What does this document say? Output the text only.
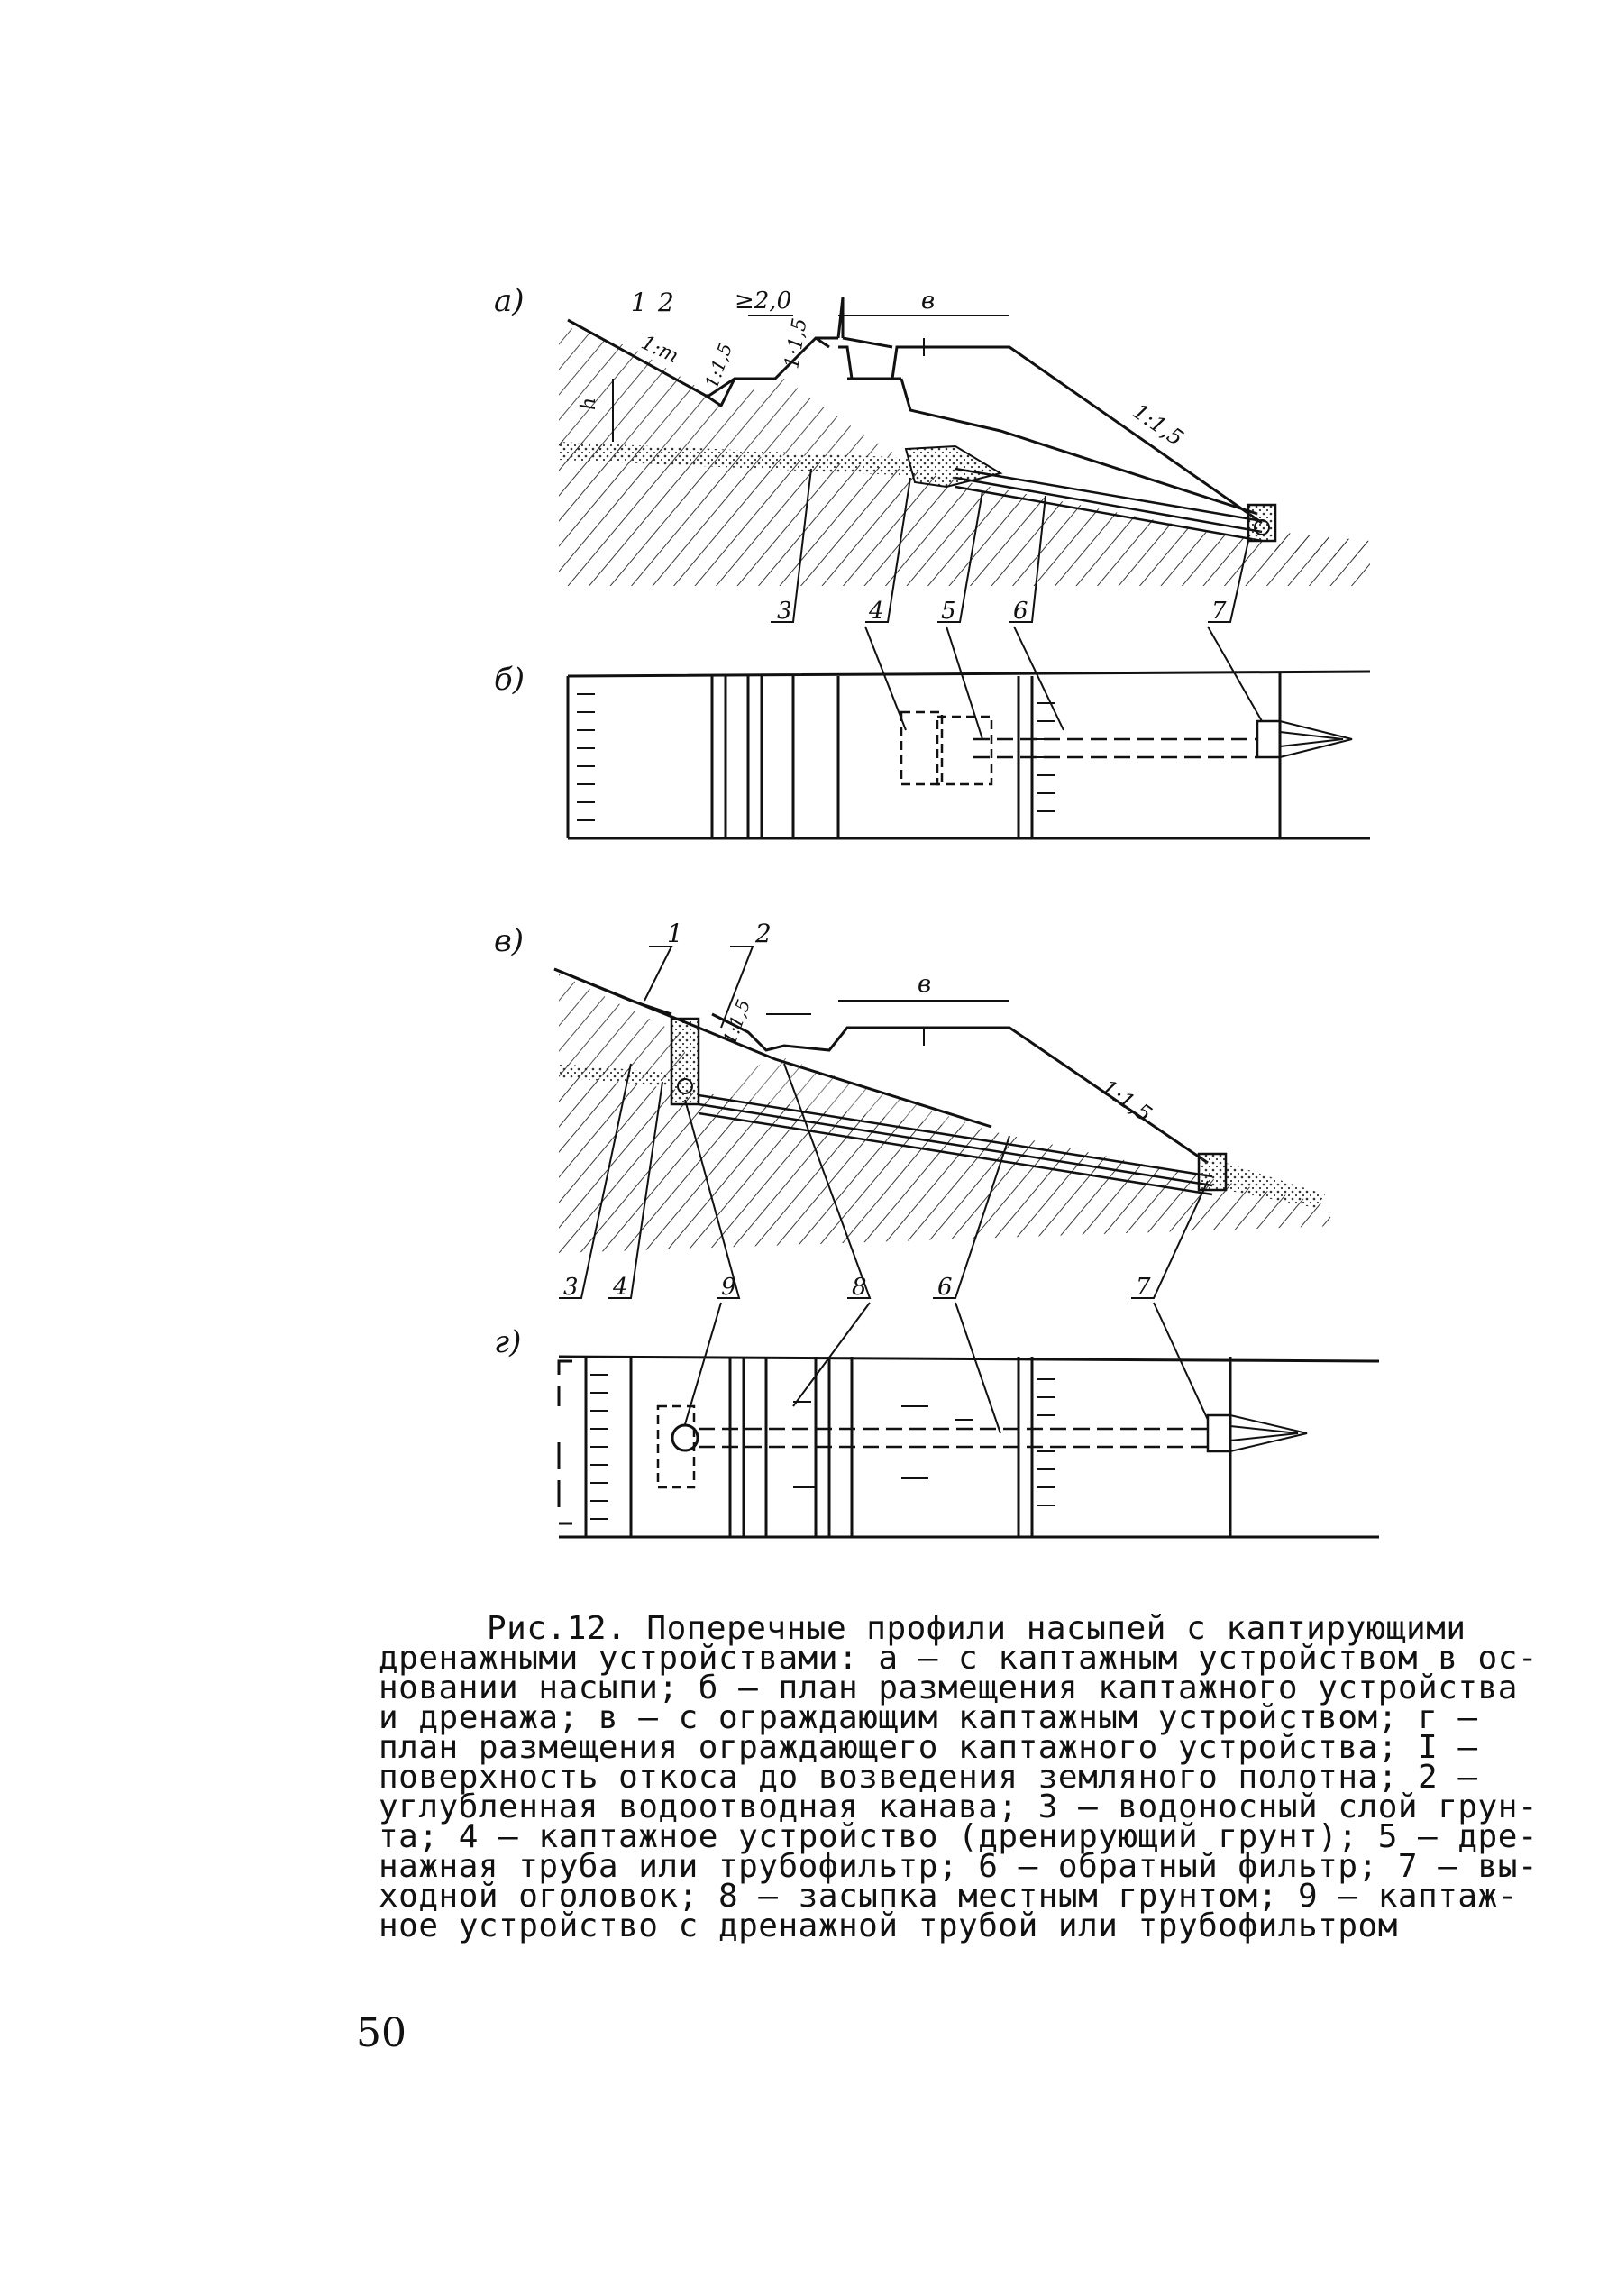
а)	1 2	≥2,0	в
1:m 1:1,5 1:1,5
1:1,5
h
3	4 5 6	7
б)
в)	1	2
в
1:1,5
1:1,5
3 4	9	8	6	7
г)
Рис.12. Поперечные профили насыпей с каптирующими
дренажными устройствами: а – с каптажным устройством в ос-
новании насыпи; б – план размещения каптажного устройства
и дренажа; в – с ограждающим каптажным устройством; г –
план размещения ограждающего каптажного устройства; I –
поверхность откоса до возведения земляного полотна; 2 –
углубленная водоотводная канава; 3 – водоносный слой грун-
та; 4 – каптажное устройство (дренирующий грунт); 5 – дре-
нажная труба или трубофильтр; 6 – обратный фильтр; 7 – вы-
ходной оголовок; 8 – засыпка местным грунтом; 9 – каптаж-
ное устройство с дренажной трубой или трубофильтром
50
